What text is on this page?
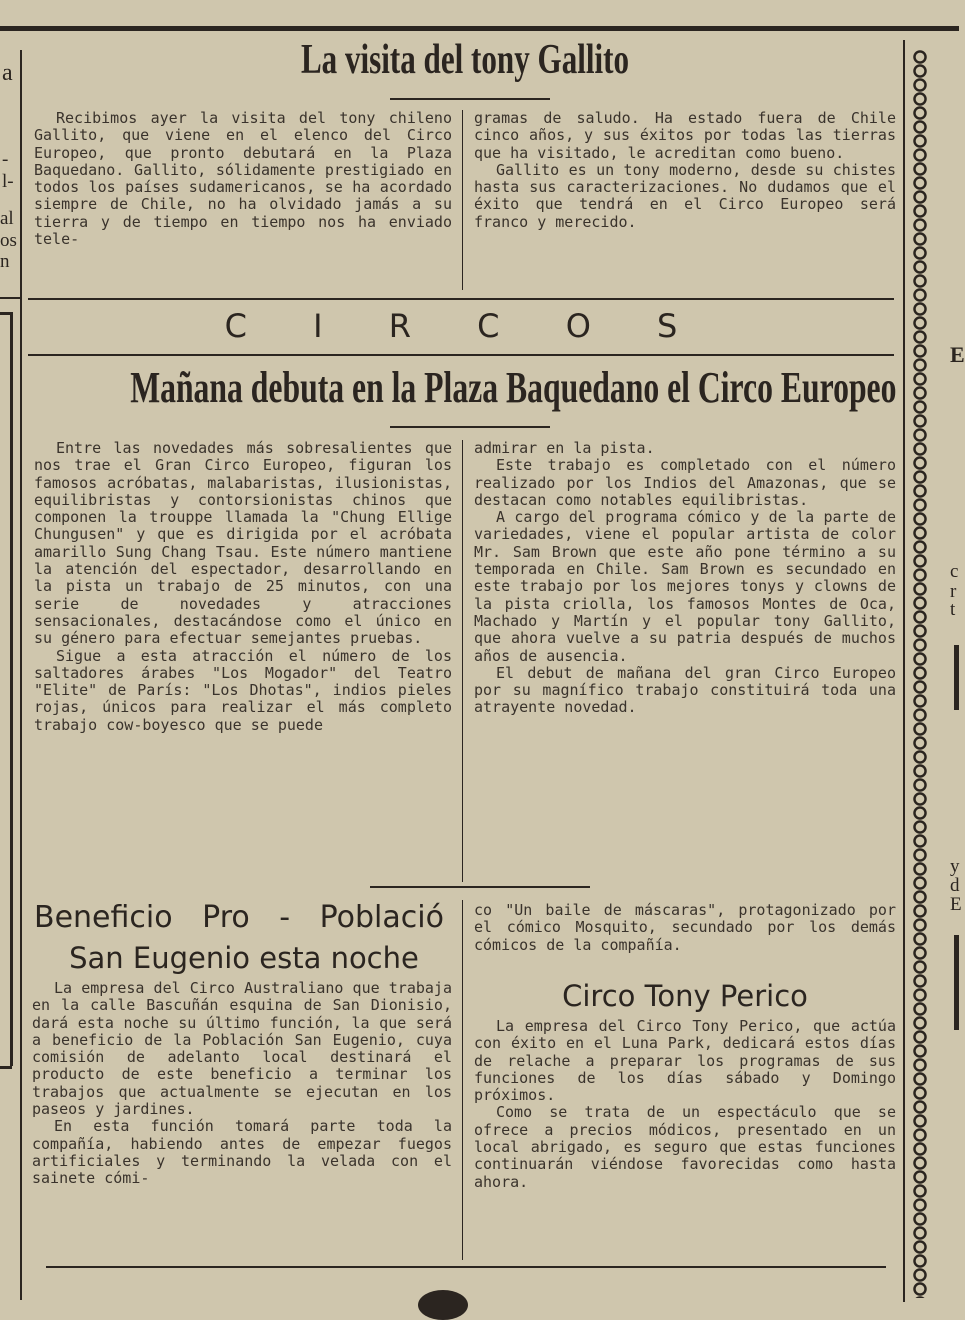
a
-
l-
al
os
n
E
c
r
t
y
d
E
La visita del tony Gallito

Recibimos ayer la visita del tony chileno Gallito, que viene en el elenco del Circo Europeo, que pronto debutará en la Plaza Baquedano. Gallito, sólidamente prestigiado en todos los países sudamericanos, se ha acordado siempre de Chile, no ha olvidado jamás a su tierra y de tiempo en tiempo nos ha enviado tele-

gramas de saludo. Ha estado fuera de Chile cinco años, y sus éxitos por todas las tierras que ha visitado, le acreditan como bueno.

Gallito es un tony moderno, desde su chistes hasta sus caracterizaciones. No dudamos que el éxito que tendrá en el Circo Europeo será franco y merecido.

C I R C O S
Mañana debuta en la Plaza Baquedano el Circo Europeo

Entre las novedades más sobresalientes que nos trae el Gran Circo Europeo, figuran los famosos acróbatas, malabaristas, ilusionistas, equilibristas y contorsionistas chinos que componen la trouppe llamada la "Chung Ellige Chungusen" y que es dirigida por el acróbata amarillo Sung Chang Tsau. Este número mantiene la atención del espectador, desarrollando en la pista un trabajo de 25 minutos, con una serie de novedades y atracciones sensacionales, destacándose como el único en su género para efectuar semejantes pruebas.

Sigue a esta atracción el número de los saltadores árabes "Los Mogador" del Teatro "Elite" de París: "Los Dhotas", indios pieles rojas, únicos para realizar el más completo trabajo cow-boyesco que se puede

admirar en la pista.

Este trabajo es completado con el número realizado por los Indios del Amazonas, que se destacan como notables equilibristas.

A cargo del programa cómico y de la parte de variedades, viene el popular artista de color Mr. Sam Brown que este año pone término a su temporada en Chile. Sam Brown es secundado en este trabajo por los mejores tonys y clowns de la pista criolla, los famosos Montes de Oca, Machado y Martín y el popular tony Gallito, que ahora vuelve a su patria después de muchos años de ausencia.

El debut de mañana del gran Circo Europeo por su magnífico trabajo constituirá toda una atrayente novedad.

Beneficio Pro - Població
San Eugenio esta noche

La empresa del Circo Australiano que trabaja en la calle Bascuñán esquina de San Dionisio, dará esta noche su último función, la que será a beneficio de la Población San Eugenio, cuya comisión de adelanto local destinará el producto de este beneficio a terminar los trabajos que actualmente se ejecutan en los paseos y jardines.

En esta función tomará parte toda la compañía, habiendo antes de empezar fuegos artificiales y terminando la velada con el sainete cómi-

co "Un baile de máscaras", protagonizado por el cómico Mosquito, secundado por los demás cómicos de la compañía.

Circo Tony Perico

La empresa del Circo Tony Perico, que actúa con éxito en el Luna Park, dedicará estos días de relache a preparar los programas de sus funciones de los días sábado y Domingo próximos.

Como se trata de un espectáculo que se ofrece a precios módicos, presentado en un local abrigado, es seguro que estas funciones continuarán viéndose favorecidas como hasta ahora.
